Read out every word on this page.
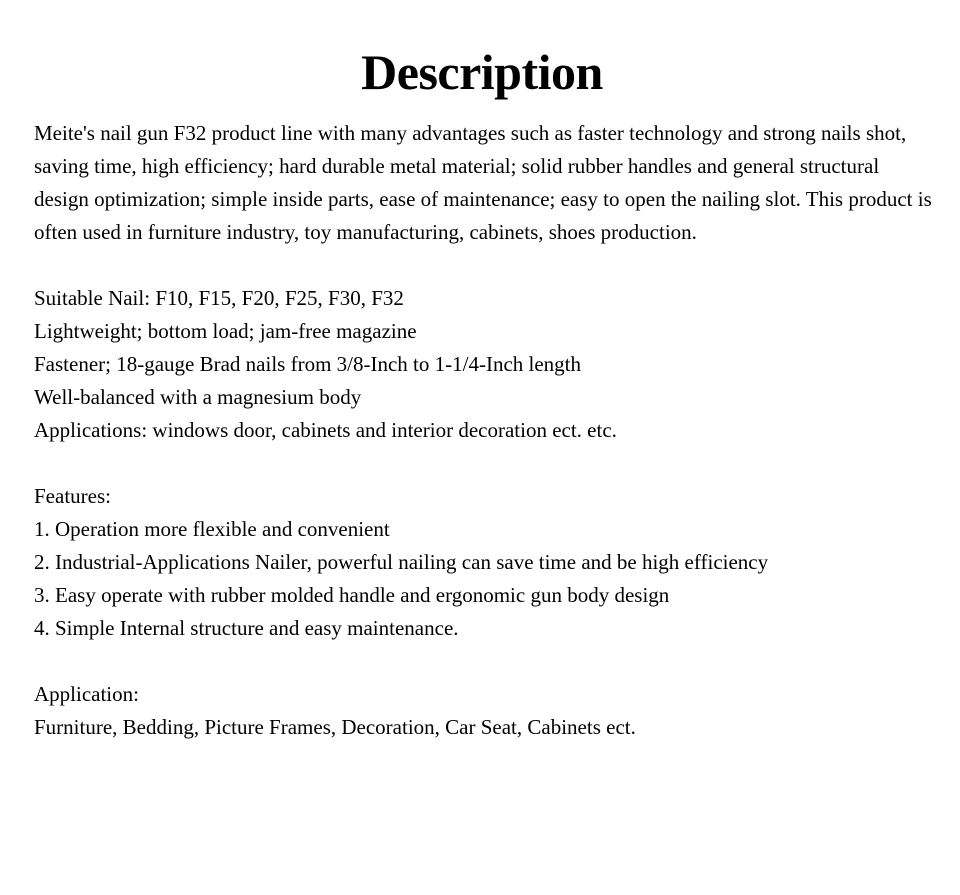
Description

Meite's nail gun F32 product line with many advantages such as faster technology and strong nails shot, saving time, high efficiency; hard durable metal material; solid rubber handles and general structural design optimization; simple inside parts, ease of maintenance; easy to open the nailing slot. This product is often used in furniture industry, toy manufacturing, cabinets, shoes production.

Suitable Nail: F10, F15, F20, F25, F30, F32
Lightweight; bottom load; jam-free magazine
Fastener; 18-gauge Brad nails from 3/8-Inch to 1-1/4-Inch length
Well-balanced with a magnesium body
Applications: windows door, cabinets and interior decoration ect. etc.
Features:
1. Operation more flexible and convenient
2. Industrial-Applications Nailer, powerful nailing can save time and be high efficiency
3. Easy operate with rubber molded handle and ergonomic gun body design
4. Simple Internal structure and easy maintenance.
Application:
Furniture, Bedding, Picture Frames, Decoration, Car Seat, Cabinets ect.
